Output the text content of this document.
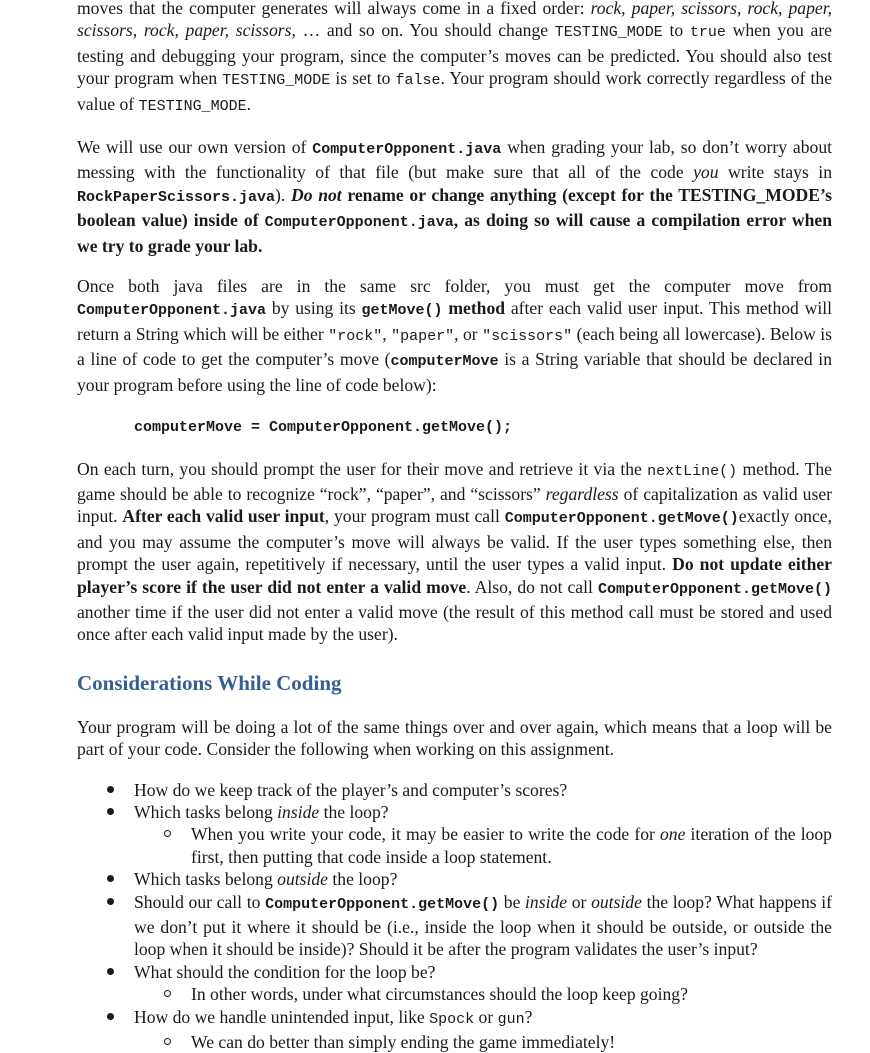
moves that the computer generates will always come in a fixed order: rock, paper, scissors, rock, paper, scissors, rock, paper, scissors, … and so on. You should change TESTING_MODE to true when you are testing and debugging your program, since the computer’s moves can be predicted. You should also test your program when TESTING_MODE is set to false. Your program should work correctly regardless of the value of TESTING_MODE.

We will use our own version of ComputerOpponent.java when grading your lab, so don’t worry about messing with the functionality of that file (but make sure that all of the code you write stays in RockPaperScissors.java). Do not rename or change anything (except for the TESTING_MODE’s boolean value) inside of ComputerOpponent.java, as doing so will cause a compilation error when we try to grade your lab.

Once both java files are in the same src folder, you must get the computer move from ComputerOpponent.java by using its getMove() method after each valid user input. This method will return a String which will be either "rock", "paper", or "scissors" (each being all lowercase). Below is a line of code to get the computer’s move (computerMove is a String variable that should be declared in your program before using the line of code below):

computerMove = ComputerOpponent.getMove();

On each turn, you should prompt the user for their move and retrieve it via the nextLine() method. The game should be able to recognize “rock”, “paper”, and “scissors” regardless of capitalization as valid user input. After each valid user input, your program must call ComputerOpponent.getMove()exactly once, and you may assume the computer’s move will always be valid. If the user types something else, then prompt the user again, repetitively if necessary, until the user types a valid input. Do not update either player’s score if the user did not enter a valid move. Also, do not call ComputerOpponent.getMove() another time if the user did not enter a valid move (the result of this method call must be stored and used once after each valid input made by the user).

Considerations While Coding

Your program will be doing a lot of the same things over and over again, which means that a loop will be part of your code. Consider the following when working on this assignment.

How do we keep track of the player’s and computer’s scores?
Which tasks belong inside the loop?

When you write your code, it may be easier to write the code for one iteration of the loop first, then putting that code inside a loop statement.

Which tasks belong outside the loop?

Should our call to ComputerOpponent.getMove() be inside or outside the loop? What happens if we don’t put it where it should be (i.e., inside the loop when it should be outside, or outside the loop when it should be inside)? Should it be after the program validates the user’s input?

What should the condition for the loop be?
In other words, under what circumstances should the loop keep going?
How do we handle unintended input, like Spock or gun?
We can do better than simply ending the game immediately!
